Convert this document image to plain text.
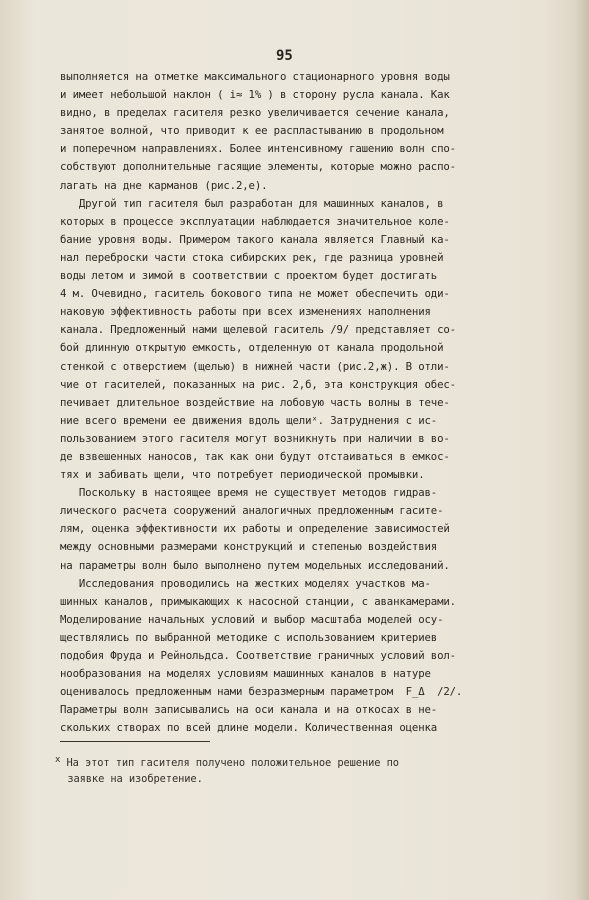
95
выполняется на отметке максимального стационарного уровня воды
и имеет небольшой наклон ( i≈ 1% ) в сторону русла канала. Как
видно, в пределах гасителя резко увеличивается сечение канала,
занятое волной, что приводит к ее распластыванию в продольном
и поперечном направлениях. Более интенсивному гашению волн спо-
собствуют дополнительные гасящие элементы, которые можно распо-
лагать на дне карманов (рис.2,е).
Другой тип гасителя был разработан для машинных каналов, в
которых в процессе эксплуатации наблюдается значительное коле-
бание уровня воды. Примером такого канала является Главный ка-
нал переброски части стока сибирских рек, где разница уровней
воды летом и зимой в соответствии с проектом будет достигать
4 м. Очевидно, гаситель бокового типа не может обеспечить оди-
наковую эффективность работы при всех изменениях наполнения
канала. Предложенный нами щелевой гаситель /9/ представляет со-
бой длинную открытую емкость, отделенную от канала продольной
стенкой с отверстием (щелью) в нижней части (рис.2,ж). В отли-
чие от гасителей, показанных на рис. 2,б, эта конструкция обес-
печивает длительное воздействие на лобовую часть волны в тече-
ние всего времени ее движения вдоль щелиˣ. Затруднения с ис-
пользованием этого гасителя могут возникнуть при наличии в во-
де взвешенных наносов, так как они будут отстаиваться в емкос-
тях и забивать щели, что потребует периодической промывки.
Поскольку в настоящее время не существует методов гидрав-
лического расчета сооружений аналогичных предложенным гасите-
лям, оценка эффективности их работы и определение зависимостей
между основными размерами конструкций и степенью воздействия
на параметры волн было выполнено путем модельных исследований.
Исследования проводились на жестких моделях участков ма-
шинных каналов, примыкающих к насосной станции, с аванкамерами.
Моделирование начальных условий и выбор масштаба моделей осу-
ществлялись по выбранной методике с использованием критериев
подобия Фруда и Рейнольдса. Соответствие граничных условий вол-
нообразования на моделях условиям машинных каналов в натуре
оценивалось предложенным нами безразмерным параметром  F_Δ  /2/.
Параметры волн записывались на оси канала и на откосах в не-
скольких створах по всей длине модели. Количественная оценка
x На этот тип гасителя получено положительное решение по
заявке на изобретение.
